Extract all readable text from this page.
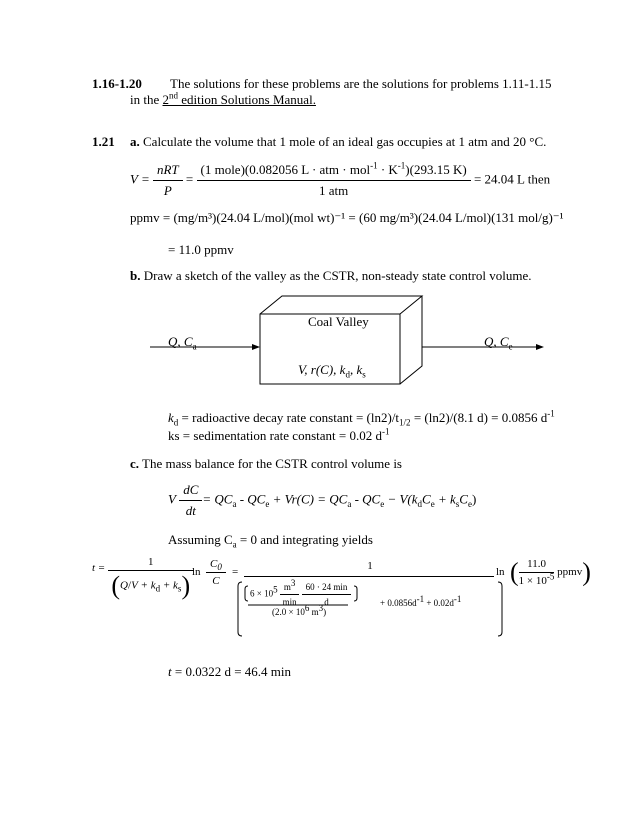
1.16-1.20 The solutions for these problems are the solutions for problems 1.11-1.15
in the 2nd edition Solutions Manual.
1.21 a. Calculate the volume that 1 mole of an ideal gas occupies at 1 atm and 20 °C.
$V = \frac{\text{nRT}}{P} = \frac{(1 mole)(0.082056 L \cdot atm \cdot mol^{-1} \cdot K^{-1})(293.15 K)}{\text{1 atm}} = 24.04$ L then
ppmv = (mg/m³)(24.04 L/mol)(mol wt)⁻¹ = (60 mg/m³)(24.04 L/mol)(131 mol/g)⁻¹
= 11.0 ppmv
b. Draw a sketch of the valley as the CSTR, non-steady state control volume.
Coal Valley
Q, $C_a$	Q, $C_e$
V, r(C), $k_d$, $k_s$
$k_d$ = radioactive decay rate constant = $(\ln 2)/t_{1/2} = (\ln 2)/(8.1$ d) = 0.0856 $d^{-1}$
ks = sedimentation rate constant = 0.02 $d^{-1}$
c. The mass balance for the CSTR control volume is
V $\frac{dC}{dt} = QC_a - QC_e + Vr(C) = QC_a - QC_e - V(k_dC_e + k_sC_e)$
Assuming $C_a = 0$ and integrating yields
$t = \frac{1}{(Q/V + k_d + k_s)}$
$\ln \frac{C_0}{C}$ =	1
$6 \times 10^5 \frac{m^3}{\min}$
$\frac{60 \cdot 24 \min}{d}$
($2.0 \times 10^6$ $m^3$)
+ $0.0856d^{-1} + 0.02d^{-1}$
ln ( $\frac{11.0}{1 \times 10^{-5}}$ ppmv)
t = 0.0322 d = 46.4 min
